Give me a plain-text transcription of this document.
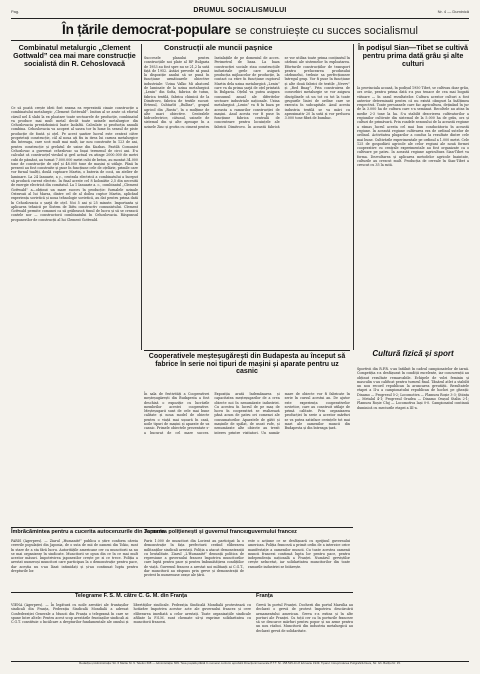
Pag.	DRUMUL SOCIALISMULUI	Nr. 4 — Duminică
În țările democrat-populare se construiește cu succes socialismul
Combinatul metalurgic „Clement Gottwald” cea mai mare construcție socialistă din R. Cehoslovacă
Ce să poată crește ideii fost seama ea reprezintă cinaie construcție a combinatului metalurgic „Clement Gottwald”. Imitux al se arate că efortul căruil nel 4 slabi la ex ploatare toate sectoarele de producție, combinatul va produce mai mult metal decât toate uzinele metalurgice din Cehoslovacia prerăzboinică luate laolaltă. Calculate și producția anuală combina. Cehoslovacia va acoperi al sasea tor în lume în sensul de piste producție de fontă și oțel. Pe acest șantier lucrul este centrat către proprietați construcție, căl al noua ați fiu in itrea lui carnea metalurgice din întreaga, care scot mult mai mult, iar nou construite în 123 de ani, pentru construcție și grelatul de uzine din Kuzbas. Pastilă Comunist Cehoslovac a guvernat ceheslovac sa înșai termenul de circi ani. E-a calculat că construcțel vieskol și grel actual va atinge 2000.000 de metri cubi de pământ, au turnat 7.000.000 metri cubi de beton, au montat 34.000 tone de construcție de oțel și 48.000 tone de mașini și utilaje. Până în prezent au fost construite și puse în funcțiune cele de oțelărie, primile care vor furnal tualtți, doulă cuptoare Martin, o bateria de cocă, un atelier de laminare. La 24 Ianuarie, a c., centrala electrică a combinatului a început să producă curent electric. În final aceste cel 8 kolonătie 2,5 din necesită de energie electrică din comitatul. La 1 Ianuarie a. c., combinatul „Clement Gottwald” a—obținut un mare succes în producție: furnalele uzinale Ostravaii al lui Marsa, dintre cel de al doilea cuptor Martin, aplicând experiența sovietică și noua tehnologie sovietică, au dat pentru prima dată în Cehoslovacia o șarjă de oțel. Noi 5 ani și 25 minute. Importanta și aplicarea tehnicii pe Sistem de lăttu constructiv comunistului. Clement Gottwald permite comunei ca să grăbească timul de lucru și să se crească contele nor — constructorii combinatului în Cehoslovacia. Răspunsul propunerilor de construcții al lui Clement Gottwald.
Construcții ale muncii pașnice
Succesele planului pentru construcțiile noi plate al RP Bulgaria de 1953 au fost spre nu se 21,2 la sută față de 1952. Astăzi prevede să pună la dispoziție anului să se pună în funcțiune următoarele obiective industriale: Uzina Valko Mi abatorul de laminate de la uzina metalurgică „Lenin” din Sofia, fabrica de tutun, fabrica textilă, fabrica chimică de la Dimitrovo, fabrica de textile sucuri: Ertenul, Cuhtarlit „Bulbar”, grupul agricol din „Rusta”, în o mulțime de alte mari obiective. Centralele hidroelectrice, cătunul, uzinele de sistemul din și alte aproape în a uzinele Zinc și grotin cu ciment pentru Instalațiile de pe domeniul de acces. Perimetrul de baza. La baza construcției sociale stau construcțiile industriale grele care asigură producția mijloacelor de producție, la contact ca etire în funcțiune cuptorul Martin dela uzina metalurgică „Lenin” care va da prima șarjă de oțel printată în Bulgaria. Oțelul va putea asigura consumul anual ale diferitelor sectoare industriale naționale. Uzina metalurgică „Lenin” va fi în baza pe aceasta a ramurilor construcției de mașini. Anul acesta vor fi puse în funcțiune fabrica centrală de concentrare pentru locuințele ale fabricii Dimitrovo. În această fabrică se vor utiliza toate prima conținutul în cărbuni ale sistemelor în exploatarea. Eforturile construcțiilor de transport pentru prelucrarea produsului cărbunelui, trebuie sa perfecționeze întregul grup. Vor fi puse în funcțiune și alte două fabrici de textile „Nevev” și „Red Bnag”. Prin construirea de convorbiri metalurgie se vor asigura disciplinele că un tot cu tot la toate grupurile liniei de ordine care se executa în subcapitale. Anul acesta industria textilă se va mări cu aproximativ 20 la sută și vor prelucra 3.000 tone fibră de bumbac.
În podișul Sian—Tibet se cultivă pentru prima dată grâu și alte culturi
Ia provinciala acoasă, în podișul 1950 Tibet, se cultivau doar grâu, orz ovăz, pentru prima dată s-a pus tenace de cea mai bogată viitoare — în cazul rezultatelor. Cultura acestor culturi a fost anterior determinată pentru că nu există câmpuri la înălțimea respectivă. Toate persoanele care fac agricultura, deținând în jur de la 3.000 ha de cultura care s-a semănat. Recoltele au atins în medie 2-3 tone la ha. S-a stabilit descrierea cultivatorilor a regiunilor cultivate din sistemul de la 5.000 ha de grâu, orz și culturi de primăvară. Prin roadele sezonului de la această regiune a rămas lucrul acesta cel mai bun conducătoriu în această regiune. În această regiune cultivarea era de ordinul sutelor de ordinul. Activitatea plugarilor a condus la rezultate dintre cele mai bune. Cultivările experimentale pe ordinul a 1.000 metri. Cele 125 de gospodării agricole ale celor regiuni ale nouă formei cooperative cu centrale experimentale au fost organizate ca o cultivare pe patru. În această regiune agricultura Sian-Tibet va forma. Dezvoltarea și aplicarea metodelor agricole înaintate, culturile au crescut mult. Producția de cereale în Sian-Tibet a crescut cu 35 la sută.
Cooperativele meșteșugărești din Budapesta au început să fabrice în serie noi tipuri de mașini și aparate pentru uz casnic
În sala de festivități a Cooperativei meșteșugărești din Budapesta a fost deschisă o expoziție cu lucrările membrilor acestei cooperative. Meșteșugarii sunt de cele mai bune calitate și noua model de obiecte pentru o viață mai ușoară în casă, noile tipuri de mașini și aparate de uz casnic. Primele obiectele prezentate s-a bucurat de cel mare succes. Expoziția arată îndemânarea și capacitatea meșteșugarilor de a crea obiecte noi în nenumărate industriei. Cu acestea în lucrul de pe maș de lucru în cooperativă se realizează până acum de patru ori comenzi ale consumatorilor. Aparatele de gătit și mașinile de spălat, de uscat rufe, și nenumărate alte obiecte au trezit interes printre vizitatori. Un număr mare de obiecte vor fi fabricate în serie în cursul acestui an. De ajutor este experiența cooperativelor sovietice, care au construit utilaje de primă calitate. Prin organizarea producției în serie a acestor mărfuri se va putea satisface cerințele tot mai mari ale oamenilor muncii din Budapesta și din întreaga țară.
Cultură fizică și sport
Sportivii din R.P.R. s-au întâlnit în cadrul campionatelor de iarnă. Competiția s-a desfășurat în condiții excelente, iar concurenții au obținut rezultate remarcabile. Echipele de volei feminin și masculin s-au calificat pentru turneul final. Tânărul atlet a stabilit un nou record republican la aruncarea greutății. Rezultatele etapei a II-a a campionatului republican de hochei pe gheață: Dinamo — Progresul 5-2; Locomotiva — Flamura Roșie 3-3; Știința — Metalul 4-1; Progresul Oradea — Dinamo Orașul Stalin 2-1; Flamura Roșie Cluj — Locomotiva Iași 0-0. Campionatul continuă duminică cu meciurile etapei a III-a.
Îmbrăcămintea pentru a cucerita autocenzurile din Japonia
PARIS (Agerpres). — Ziarul „Humanité” publica o știre conform căreia cererile populației din Japonia, de o suta de mii de oameni din Tokio, sunt în stare de a sta fără lucru. Autoritățile americane cer ca muncitorii sa nu se mai organizeze în sindicate. Muncitorii se opun din ce în ce mai mult acestor măsuri. Împotrivirea japonezilor crește pe zi ce trece. Poliția a arestat numeroși muncitori care participau la o demonstrație pentru pace, dar aceștia nu s-au lăsat intimidați și și-au continuat lupta pentru drepturile lor.
Teroarea polițienești și guvernul francez
Paris 1.000 de muncitori din Lorient au participat la o demonstrație în fața prefecturii cerând eliberarea militanților sindicali arestați. Poliția a atacat demonstranții cu brutalitate. Ziarul „L'Humanité” denunță politica de represiune a guvernului francez împotriva muncitorilor care luptă pentru pace și pentru îmbunătățirea condițiilor de viață. Guvernul francez a arestat noi militanți ai C.G.T., dar muncitorii au răspuns prin greve și demonstrații de protest în numeroase orașe ale țării.
guvernului francez
este o acțiune ce se desfășoară cu sprijinul guvernului american. Poliția franceză a primit ordin de a interzice orice manifestație a oamenilor muncii. Cu toate acestea oamenii muncii francezi continuă lupta lor pentru pace, pentru independența națională a Franței. Numărul greviștilor crește neîncetat, iar solidaritatea muncitorilor din toate ramurile industriei se întărește.
Telegrame F. S. M. către C. G. M. din Franța
VIENA (Agerpres). — În legătură cu noile arestări ale fruntașilor sindicali din Franța, Federația Sindicală Mondială a adresat Confederației Generale a Muncii din Franța o telegramă în care se spune între altele: Pentru acest scop arestările fruntașilor sindicali ai C.G.T. constituie o încălcare a drepturilor fundamentale ale omului și libertăților sindicale. Federația Sindicală Mondială protestează cu hotărâre împotriva acestor acte ale guvernului francez și cere eliberarea imediată a celor arestați. Toate organizațiile sindicale afiliate la F.S.M. sunt chemate să-și exprime solidaritatea cu muncitorii francezi.
Franța
Grevă în portul Franței. Docherii din portul Marsilia au declarat o grevă de protest împotriva descărcării armamentului american. Greva s-a extins și în alte porturi ale Franței. Cu toții cer ca în porturile franceze să se descarce mărfuri pentru popor și nu arme pentru un nou război. Muncitorii din industria metalurgică au declarat grevă de solidaritate.
Redacția și Administrația: Str. 6 Martie Nr. 9. Telefon 608 — Administrația: 609. Taxa poștală plătită în numerar conform aprobării Direcțiunii Generale P.T.T. Nr. 158.525 din 8 februarie 1949. Tiparul: Întreprinderea Poligrafică Deva, Str. Gh. Barițiu Nr. 15.
